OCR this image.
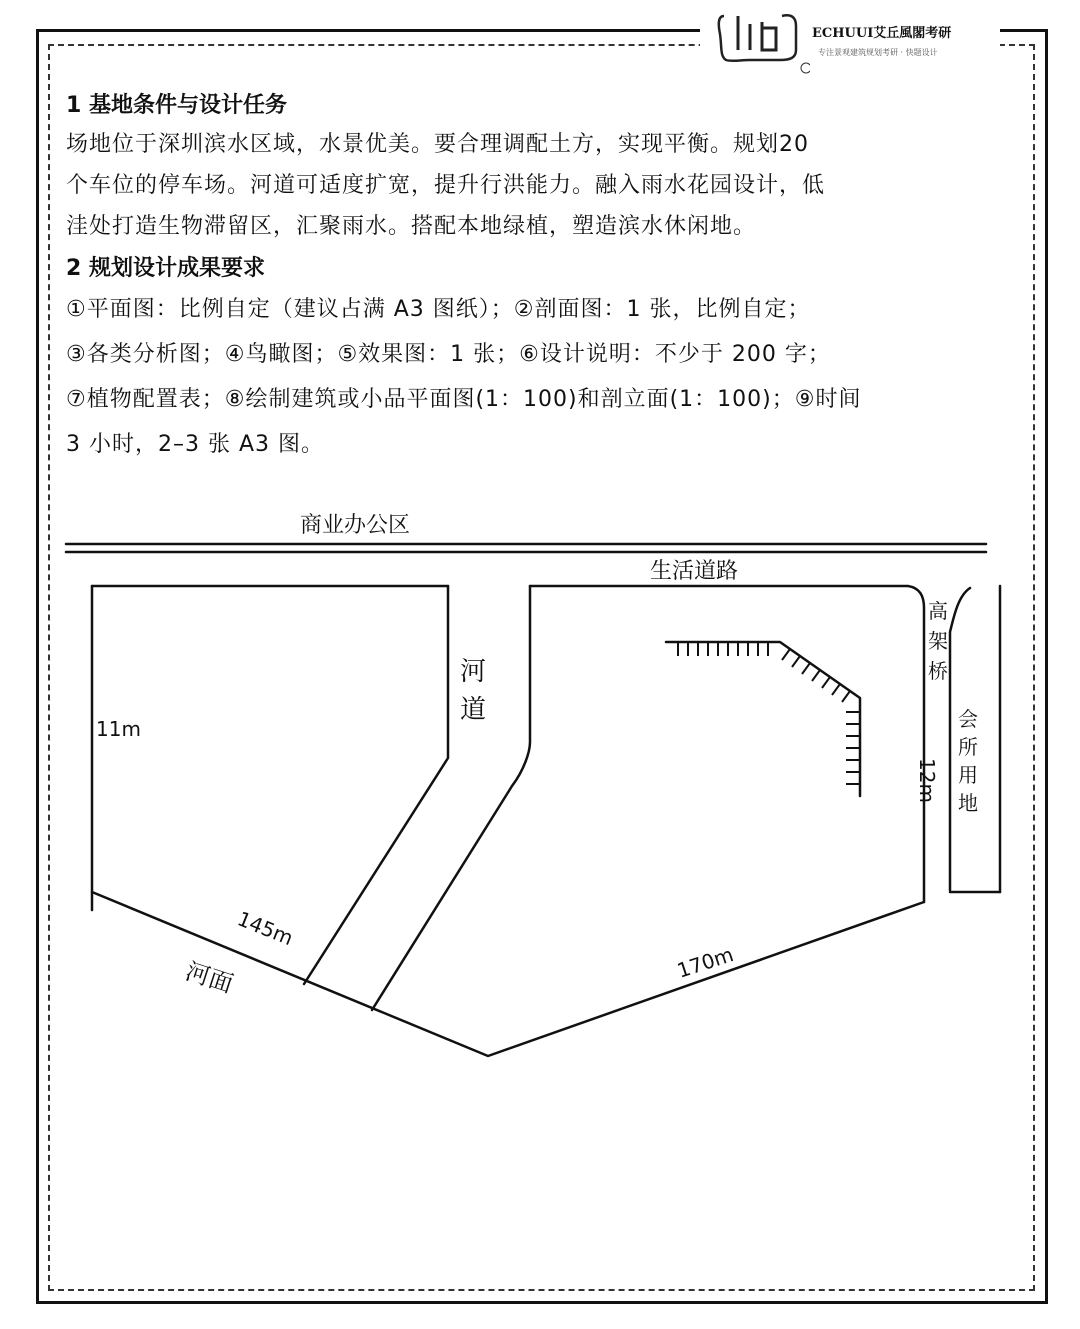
ECHUUI艾丘風閣考研
专注景观建筑规划考研 · 快题设计

1 基地条件与设计任务

场地位于深圳滨水区域，水景优美。要合理调配土方，实现平衡。规划20

个车位的停车场。河道可适度扩宽，提升行洪能力。融入雨水花园设计，低

洼处打造生物滞留区，汇聚雨水。搭配本地绿植，塑造滨水休闲地。

2 规划设计成果要求

①平面图：比例自定（建议占满 A3 图纸）；②剖面图：1 张，比例自定；

③各类分析图；④鸟瞰图；⑤效果图：1 张；⑥设计说明：不少于 200 字；

⑦植物配置表；⑧绘制建筑或小品平面图(1：100)和剖立面(1：100)；⑨时间

3 小时，2–3 张 A3 图。

商业办公区
生活道路
河
道
高
架
桥
会
所
用
地
11m
12m
145m
170m
河面
